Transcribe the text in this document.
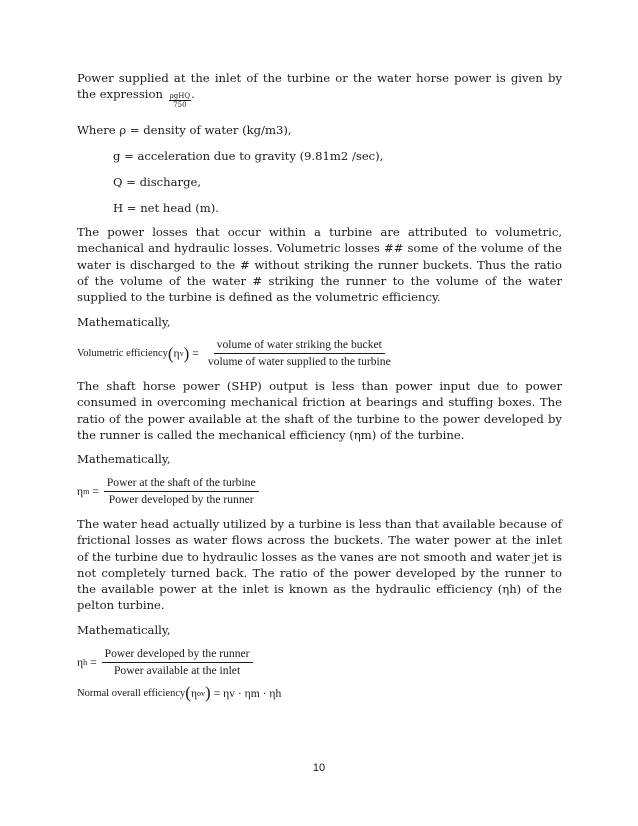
Power supplied at the inlet of the turbine or the water horse power is given by the expression $\frac{\text{ρgHQ}}{750}$ .
Where ρ = density of water (kg/m3),
g = acceleration due to gravity (9.81m2 /sec),
Q = discharge,
H = net head (m).
The power losses that occur within a turbine are attributed to volumetric, mechanical and hydraulic losses. Volumetric losses ## some of the volume of the water is discharged to the # without striking the runner buckets. Thus the ratio of the volume of the water # striking the runner to the volume of the water supplied to the turbine is defined as the volumetric efficiency.
Mathematically,
Volumetric efficiency ( η v ) = $\frac{\text{volume of water striking the bucket}}{\text{volume of water supplied to the turbine}}$
The shaft horse power (SHP) output is less than power input due to power consumed in overcoming mechanical friction at bearings and stuffing boxes. The ratio of the power available at the shaft of the turbine to the power developed by the runner is called the mechanical efficiency (ηm) of the turbine.
Mathematically,
η $m = \frac{\text{Power at the shaft of the turbine}}{\text{Power developed by the runner}}$
The water head actually utilized by a turbine is less than that available because of frictional losses as water flows across the buckets. The water power at the inlet of the turbine due to hydraulic losses as the vanes are not smooth and water jet is not completely turned back. The ratio of the power developed by the runner to the available power at the inlet is known as the hydraulic efficiency (ηh) of the pelton turbine.
Mathematically,
η $h = \frac{\text{Power developed by the runner}}{\text{Power available at the inlet}}$
Normal overall efficiency ( η ov ) = ηv · ηm · ηh
10
